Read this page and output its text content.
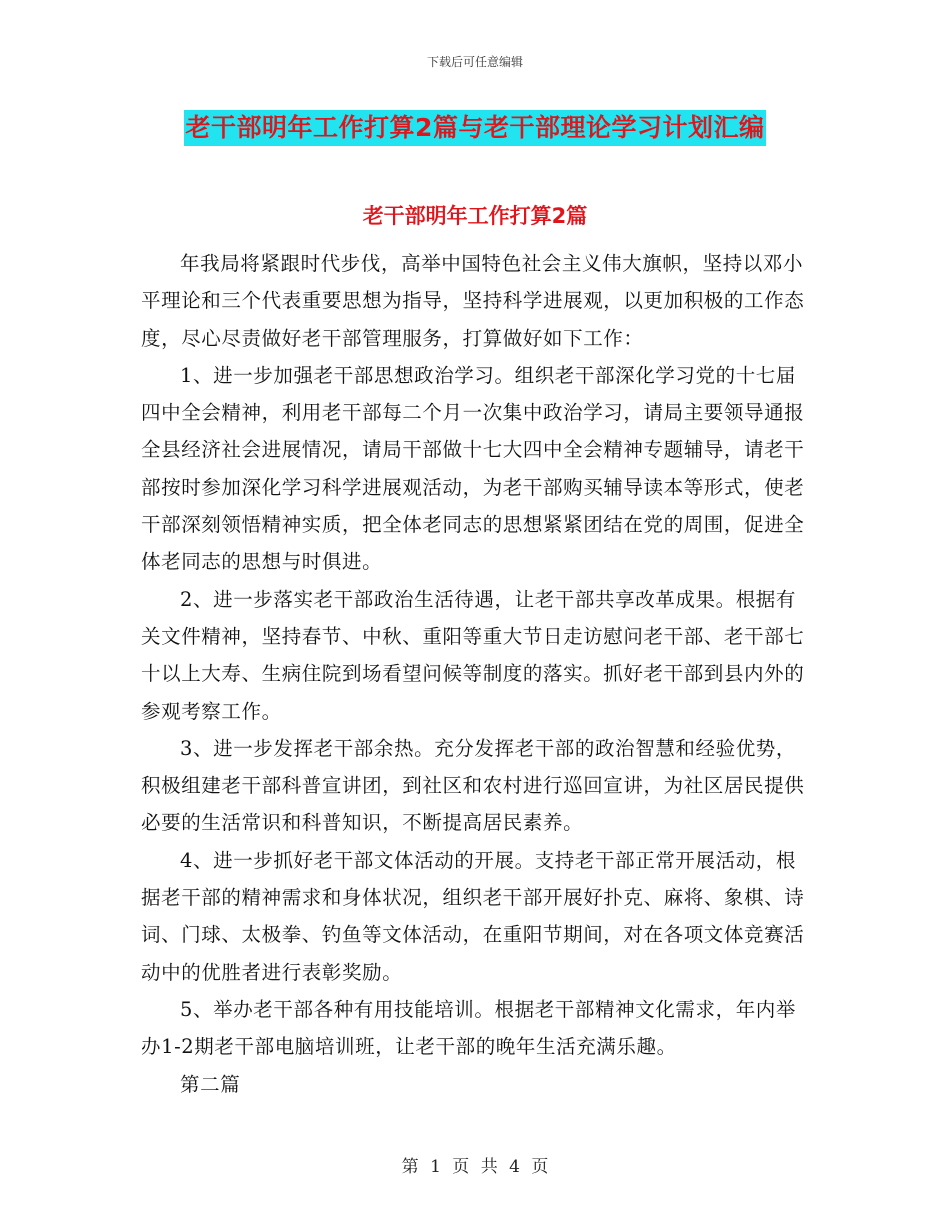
下载后可任意编辑
老干部明年工作打算2篇与老干部理论学习计划汇编
老干部明年工作打算2篇

年我局将紧跟时代步伐，高举中国特色社会主义伟大旗帜，坚持以邓小平理论和三个代表重要思想为指导，坚持科学进展观，以更加积极的工作态度，尽心尽责做好老干部管理服务，打算做好如下工作：

1、进一步加强老干部思想政治学习。组织老干部深化学习党的十七届四中全会精神，利用老干部每二个月一次集中政治学习，请局主要领导通报全县经济社会进展情况，请局干部做十七大四中全会精神专题辅导，请老干部按时参加深化学习科学进展观活动，为老干部购买辅导读本等形式，使老干部深刻领悟精神实质，把全体老同志的思想紧紧团结在党的周围，促进全体老同志的思想与时俱进。

2、进一步落实老干部政治生活待遇，让老干部共享改革成果。根据有关文件精神，坚持春节、中秋、重阳等重大节日走访慰问老干部、老干部七十以上大寿、生病住院到场看望问候等制度的落实。抓好老干部到县内外的参观考察工作。

3、进一步发挥老干部余热。充分发挥老干部的政治智慧和经验优势，积极组建老干部科普宣讲团，到社区和农村进行巡回宣讲，为社区居民提供必要的生活常识和科普知识，不断提高居民素养。

4、进一步抓好老干部文体活动的开展。支持老干部正常开展活动，根据老干部的精神需求和身体状况，组织老干部开展好扑克、麻将、象棋、诗词、门球、太极拳、钓鱼等文体活动，在重阳节期间，对在各项文体竞赛活动中的优胜者进行表彰奖励。

5、举办老干部各种有用技能培训。根据老干部精神文化需求，年内举办1-2期老干部电脑培训班，让老干部的晚年生活充满乐趣。

第二篇

第 1 页 共 4 页
